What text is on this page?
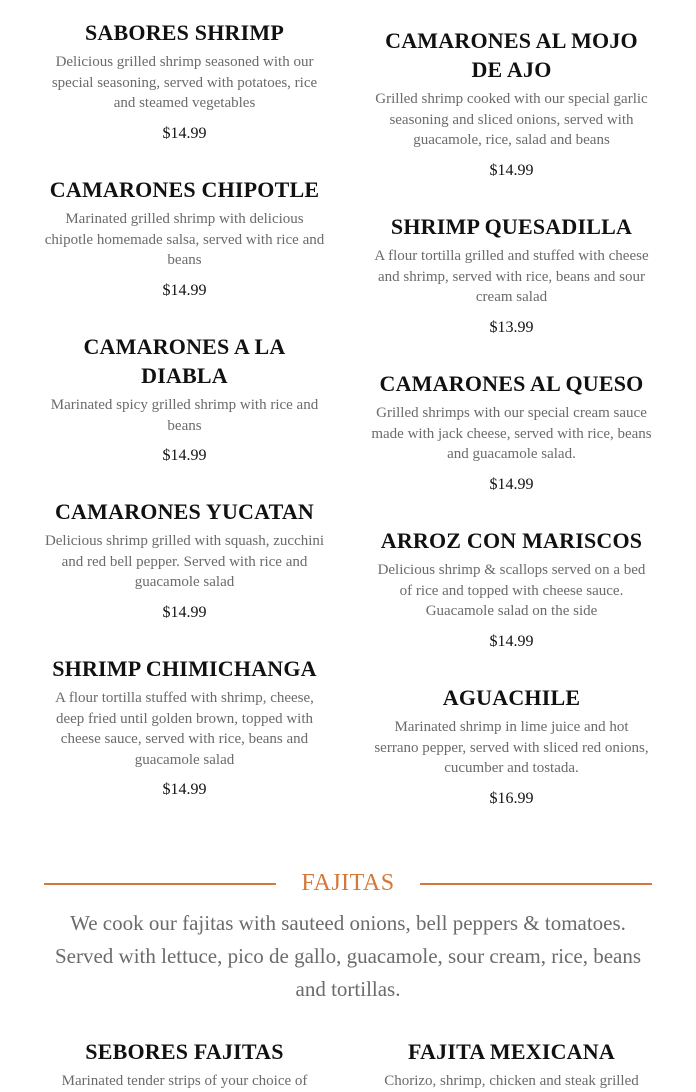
SABORES SHRIMP

Delicious grilled shrimp seasoned with our special seasoning, served with potatoes, rice and steamed vegetables

$14.99

CAMARONES CHIPOTLE

Marinated grilled shrimp with delicious chipotle homemade salsa, served with rice and beans

$14.99

CAMARONES A LA DIABLA

Marinated spicy grilled shrimp with rice and beans

$14.99

CAMARONES YUCATAN

Delicious shrimp grilled with squash, zucchini and red bell pepper. Served with rice and guacamole salad

$14.99

SHRIMP CHIMICHANGA

A flour tortilla stuffed with shrimp, cheese, deep fried until golden brown, topped with cheese sauce, served with rice, beans and guacamole salad

$14.99

SEBORES FAJITAS

Marinated tender strips of your choice of

CAMARONES AL MOJO DE AJO

Grilled shrimp cooked with our special garlic seasoning and sliced onions, served with guacamole, rice, salad and beans

$14.99

SHRIMP QUESADILLA

A flour tortilla grilled and stuffed with cheese and shrimp, served with rice, beans and sour cream salad

$13.99

CAMARONES AL QUESO

Grilled shrimps with our special cream sauce made with jack cheese, served with rice, beans and guacamole salad.

$14.99

ARROZ CON MARISCOS

Delicious shrimp & scallops served on a bed of rice and topped with cheese sauce. Guacamole salad on the side

$14.99

AGUACHILE

Marinated shrimp in lime juice and hot serrano pepper, served with sliced red onions, cucumber and tostada.

$16.99

FAJITA MEXICANA

Chorizo, shrimp, chicken and steak grilled

FAJITAS

We cook our fajitas with sauteed onions, bell peppers & tomatoes. Served with lettuce, pico de gallo, guacamole, sour cream, rice, beans and tortillas.
